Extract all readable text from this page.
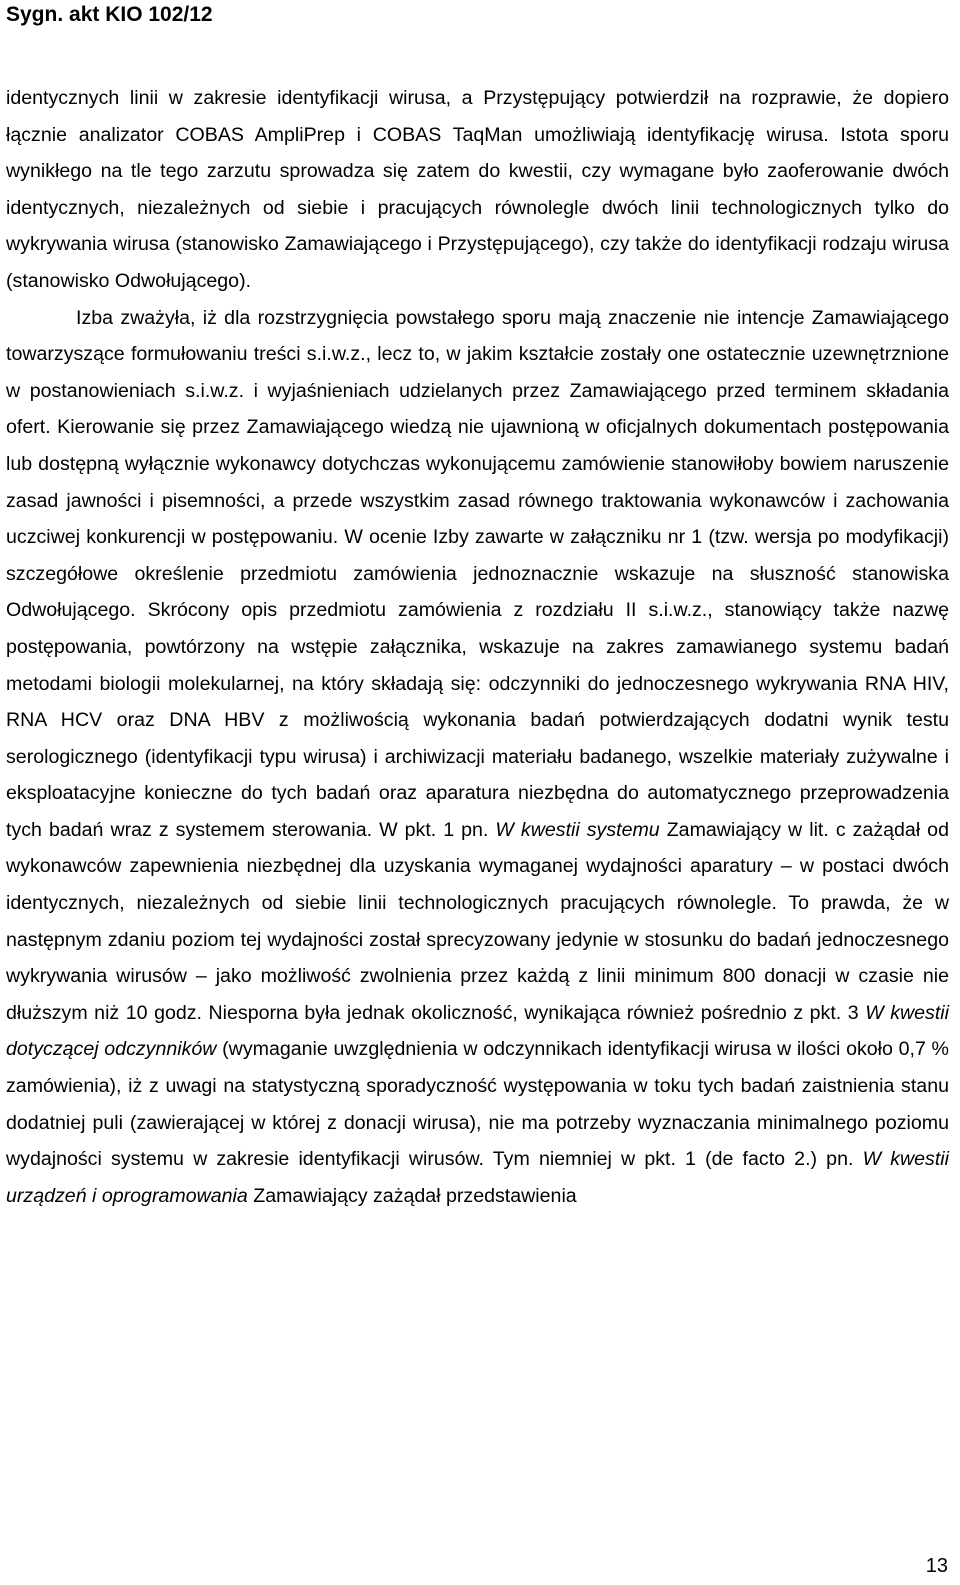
Sygn. akt KIO 102/12

identycznych linii w zakresie identyfikacji wirusa, a Przystępujący potwierdził na rozprawie, że dopiero łącznie analizator COBAS AmpliPrep i COBAS TaqMan umożliwiają identyfikację wirusa. Istota sporu wynikłego na tle tego zarzutu sprowadza się zatem do kwestii, czy wymagane było zaoferowanie dwóch identycznych, niezależnych od siebie i pracujących równolegle dwóch linii technologicznych tylko do wykrywania wirusa (stanowisko Zamawiającego i Przystępującego), czy także do identyfikacji rodzaju wirusa (stanowisko Odwołującego).

Izba zważyła, iż dla rozstrzygnięcia powstałego sporu mają znaczenie nie intencje Zamawiającego towarzyszące formułowaniu treści s.i.w.z., lecz to, w jakim kształcie zostały one ostatecznie uzewnętrznione w postanowieniach s.i.w.z. i wyjaśnieniach udzielanych przez Zamawiającego przed terminem składania ofert. Kierowanie się przez Zamawiającego wiedzą nie ujawnioną w oficjalnych dokumentach postępowania lub dostępną wyłącznie wykonawcy dotychczas wykonującemu zamówienie stanowiłoby bowiem naruszenie zasad jawności i pisemności, a przede wszystkim zasad równego traktowania wykonawców i zachowania uczciwej konkurencji w postępowaniu. W ocenie Izby zawarte w załączniku nr 1 (tzw. wersja po modyfikacji) szczegółowe określenie przedmiotu zamówienia jednoznacznie wskazuje na słuszność stanowiska Odwołującego. Skrócony opis przedmiotu zamówienia z rozdziału II s.i.w.z., stanowiący także nazwę postępowania, powtórzony na wstępie załącznika, wskazuje na zakres zamawianego systemu badań metodami biologii molekularnej, na który składają się: odczynniki do jednoczesnego wykrywania RNA HIV, RNA HCV oraz DNA HBV z możliwością wykonania badań potwierdzających dodatni wynik testu serologicznego (identyfikacji typu wirusa) i archiwizacji materiału badanego, wszelkie materiały zużywalne i eksploatacyjne konieczne do tych badań oraz aparatura niezbędna do automatycznego przeprowadzenia tych badań wraz z systemem sterowania. W pkt. 1 pn. W kwestii systemu Zamawiający w lit. c zażądał od wykonawców zapewnienia niezbędnej dla uzyskania wymaganej wydajności aparatury – w postaci dwóch identycznych, niezależnych od siebie linii technologicznych pracujących równolegle. To prawda, że w następnym zdaniu poziom tej wydajności został sprecyzowany jedynie w stosunku do badań jednoczesnego wykrywania wirusów – jako możliwość zwolnienia przez każdą z linii minimum 800 donacji w czasie nie dłuższym niż 10 godz. Niesporna była jednak okoliczność, wynikająca również pośrednio z pkt. 3 W kwestii dotyczącej odczynników (wymaganie uwzględnienia w odczynnikach identyfikacji wirusa w ilości około 0,7 % zamówienia), iż z uwagi na statystyczną sporadyczność występowania w toku tych badań zaistnienia stanu dodatniej puli (zawierającej w której z donacji wirusa), nie ma potrzeby wyznaczania minimalnego poziomu wydajności systemu w zakresie identyfikacji wirusów. Tym niemniej w pkt. 1 (de facto 2.) pn. W kwestii urządzeń i oprogramowania Zamawiający zażądał przedstawienia

13
